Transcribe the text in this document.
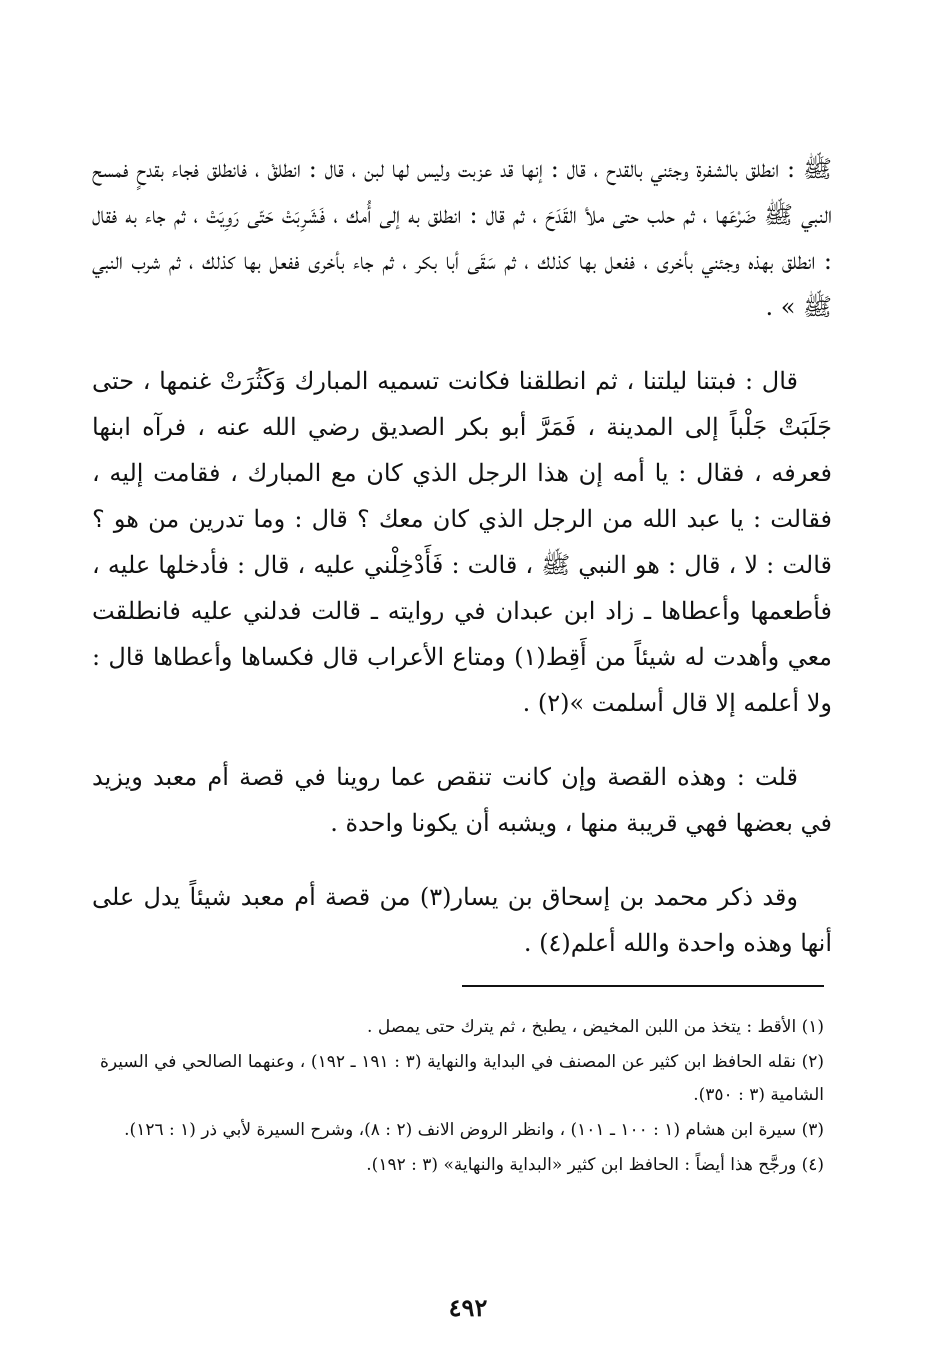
ﷺ : انطلق بالشفرة وجئني بالقدح ، قال : إنها قد عزبت وليس لها لبن ، قال : انطلقْ ، فانطلق فجاء بقدحٍ فمسح النبي ﷺ ضَرْعَها ، ثم حلب حتى ملأ القَدَحَ ، ثم قال : انطلق به إلى أُمك ، فَشَرِبَتْ حَتّى رَوِيَتْ ، ثم جاء به فقال : انطلق بهذه وجئني بأخرى ، ففعل بها كذلك ، ثم سَقَى أبا بكر ، ثم جاء بأخرى ففعل بها كذلك ، ثم شرب النبي ﷺ » .

قال : فبتنا ليلتنا ، ثم انطلقنا فكانت تسميه المبارك وَكَثُرَتْ غنمها ، حتى جَلَبَتْ جَلْباً إلى المدينة ، فَمَرَّ أبو بكر الصديق رضي الله عنه ، فرآه ابنها فعرفه ، فقال : يا أمه إن هذا الرجل الذي كان مع المبارك ، فقامت إليه ، فقالت : يا عبد الله من الرجل الذي كان معك ؟ قال : وما تدرين من هو ؟ قالت : لا ، قال : هو النبي ﷺ ، قالت : فَأَدْخِلْني عليه ، قال : فأدخلها عليه ، فأطعمها وأعطاها ـ زاد ابن عبدان في روايته ـ قالت فدلني عليه فانطلقت معي وأهدت له شيئاً من أَقِط(١) ومتاع الأعراب قال فكساها وأعطاها قال : ولا أعلمه إلا قال أسلمت »(٢) .

قلت : وهذه القصة وإن كانت تنقص عما روينا في قصة أم معبد ويزيد في بعضها فهي قريبة منها ، ويشبه أن يكونا واحدة .

وقد ذكر محمد بن إسحاق بن يسار(٣) من قصة أم معبد شيئاً يدل على أنها وهذه واحدة والله أعلم(٤) .

(١) الأقط : يتخذ من اللبن المخيض ، يطبخ ، ثم يترك حتى يمصل .

(٢) نقله الحافظ ابن كثير عن المصنف في البداية والنهاية (٣ : ١٩١ ـ ١٩٢) ، وعنهما الصالحي في السيرة الشامية (٣ : ٣٥٠).

(٣) سيرة ابن هشام (١ : ١٠٠ ـ ١٠١) ، وانظر الروض الانف (٢ : ٨)، وشرح السيرة لأبي ذر (١ : ١٢٦).

(٤) ورجَّح هذا أيضاً : الحافظ ابن كثير «البداية والنهاية» (٣ : ١٩٢).

٤٩٢
